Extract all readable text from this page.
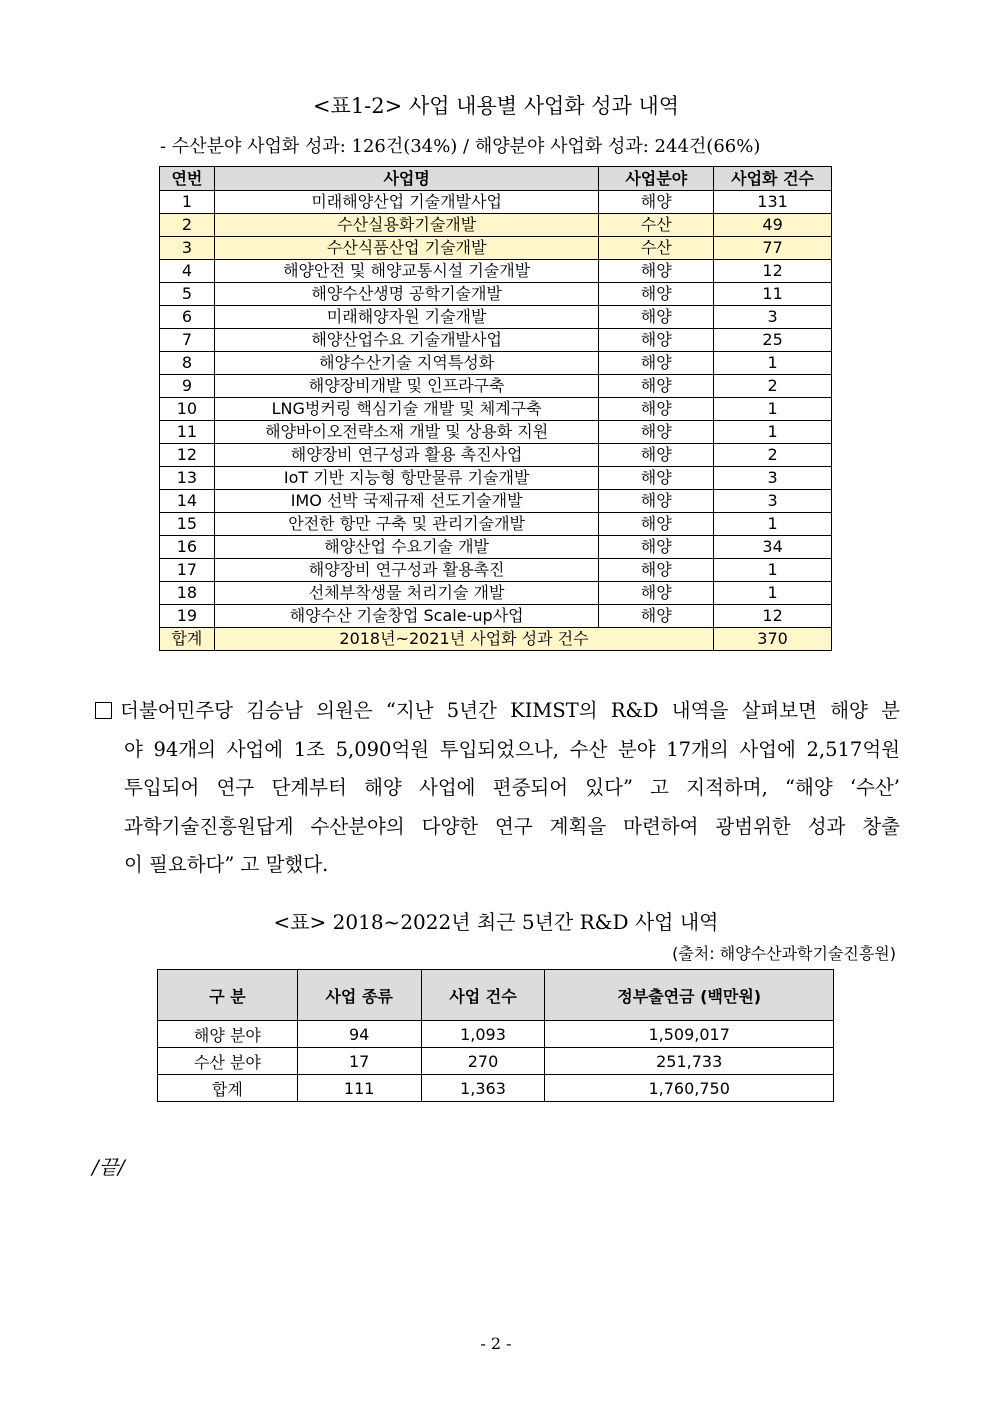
<표1-2> 사업 내용별 사업화 성과 내역
- 수산분야 사업화 성과: 126건(34%) / 해양분야 사업화 성과: 244건(66%)
연번	사업명	사업분야	사업화 건수
1	미래해양산업 기술개발사업	해양	131
2	수산실용화기술개발	수산	49
3	수산식품산업 기술개발	수산	77
4	해양안전 및 해양교통시설 기술개발	해양	12
5	해양수산생명 공학기술개발	해양	11
6	미래해양자원 기술개발	해양	3
7	해양산업수요 기술개발사업	해양	25
8	해양수산기술 지역특성화	해양	1
9	해양장비개발 및 인프라구축	해양	2
10	LNG벙커링 핵심기술 개발 및 체계구축	해양	1
11	해양바이오전략소재 개발 및 상용화 지원	해양	1
12	해양장비 연구성과 활용 촉진사업	해양	2
13	IoT 기반 지능형 항만물류 기술개발	해양	3
14	IMO 선박 국제규제 선도기술개발	해양	3
15	안전한 항만 구축 및 관리기술개발	해양	1
16	해양산업 수요기술 개발	해양	34
17	해양장비 연구성과 활용촉진	해양	1
18	선체부착생물 처리기술 개발	해양	1
19	해양수산 기술창업 Scale-up사업	해양	12
합계	2018년~2021년 사업화 성과 건수		370
더불어민주당 김승남 의원은 “지난 5년간 KIMST의 R&D 내역을 살펴보면 해양 분
야 94개의 사업에 1조 5,090억원 투입되었으나, 수산 분야 17개의 사업에 2,517억원
투입되어 연구 단계부터 해양 사업에 편중되어 있다” 고 지적하며, “해양 ‘수산’
과학기술진흥원답게 수산분야의 다양한 연구 계획을 마련하여 광범위한 성과 창출
이 필요하다” 고 말했다.
<표> 2018~2022년 최근 5년간 R&D 사업 내역
(출처: 해양수산과학기술진흥원)
구 분	사업 종류	사업 건수	정부출연금 (백만원)
해양 분야	94	1,093	1,509,017
수산 분야	17	270	251,733
합계	111	1,363	1,760,750
/끝/
- 2 -
